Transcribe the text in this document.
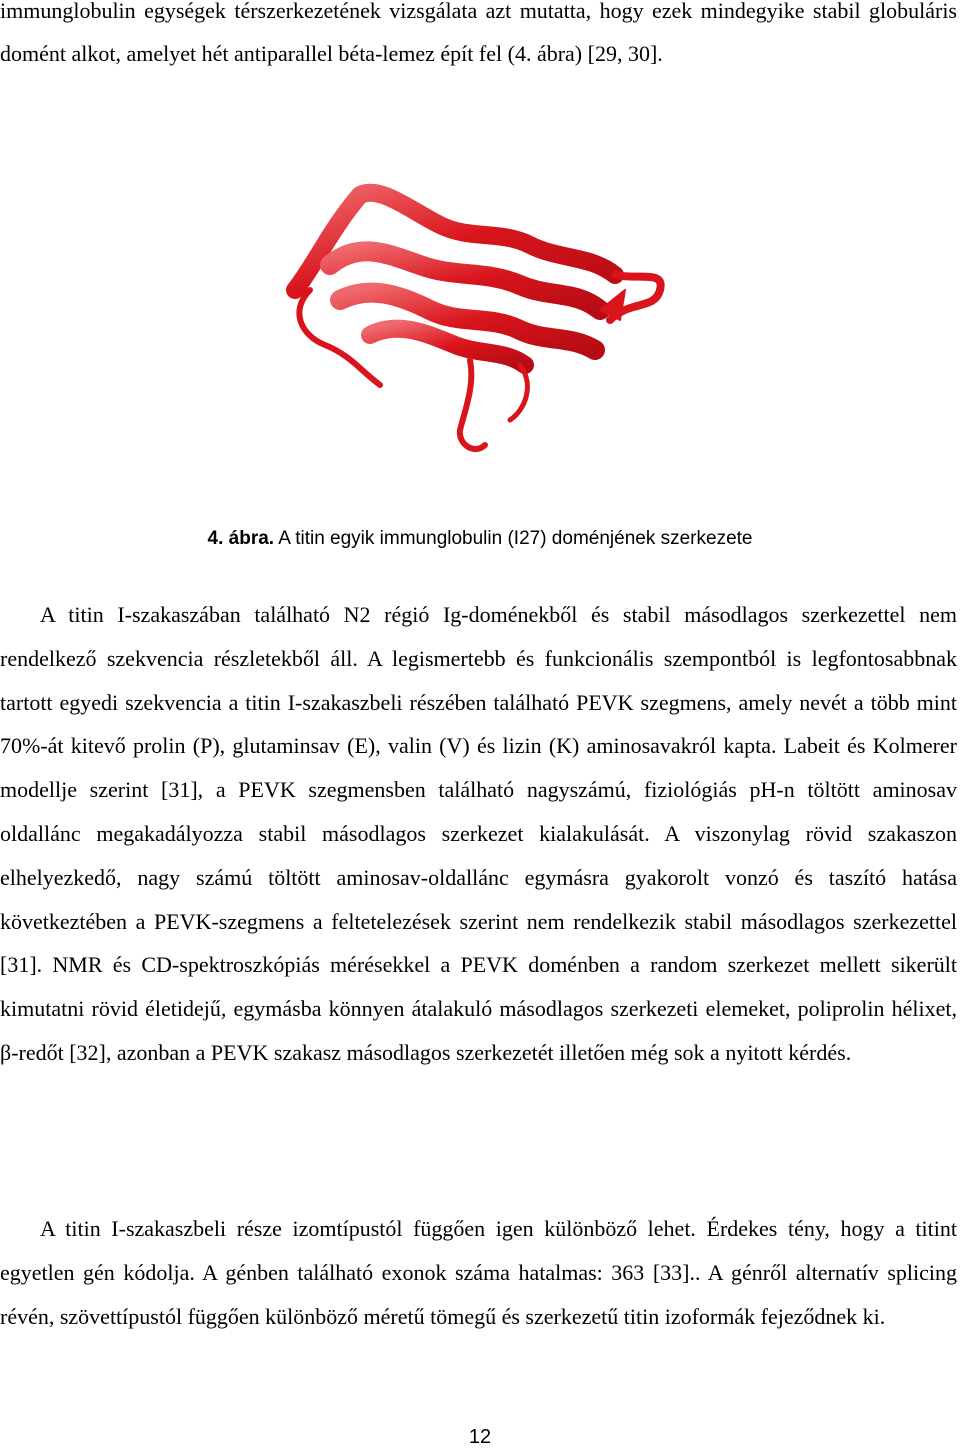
immunglobulin egységek térszerkezetének vizsgálata azt mutatta, hogy ezek mindegyike stabil globuláris domént alkot, amelyet hét antiparallel béta-lemez épít fel (4. ábra) [29, 30].

4. ábra. A titin egyik immunglobulin (I27) doménjének szerkezete

A titin I-szakaszában található N2 régió Ig-doménekből és stabil másodlagos szerkezettel nem rendelkező szekvencia részletekből áll. A legismertebb és funkcionális szempontból is legfontosabbnak tartott egyedi szekvencia a titin I-szakaszbeli részében található PEVK szegmens, amely nevét a több mint 70%-át kitevő prolin (P), glutaminsav (E), valin (V) és lizin (K) aminosavakról kapta. Labeit és Kolmerer modellje szerint [31], a PEVK szegmensben található nagyszámú, fiziológiás pH-n töltött aminosav oldallánc megakadályozza stabil másodlagos szerkezet kialakulását. A viszonylag rövid szakaszon elhelyezkedő, nagy számú töltött aminosav-oldallánc egymásra gyakorolt vonzó és taszító hatása következtében a PEVK-szegmens a feltetelezések szerint nem rendelkezik stabil másodlagos szerkezettel [31]. NMR és CD-spektroszkópiás mérésekkel a PEVK doménben a random szerkezet mellett sikerült kimutatni rövid életidejű, egymásba könnyen átalakuló másodlagos szerkezeti elemeket, poliprolin hélixet, β-redőt [32], azonban a PEVK szakasz másodlagos szerkezetét illetően még sok a nyitott kérdés.

A titin I-szakaszbeli része izomtípustól függően igen különböző lehet. Érdekes tény, hogy a titint egyetlen gén kódolja. A génben található exonok száma hatalmas: 363 [33].. A génről alternatív splicing révén, szövettípustól függően különböző méretű tömegű és szerkezetű titin izoformák fejeződnek ki.

12
